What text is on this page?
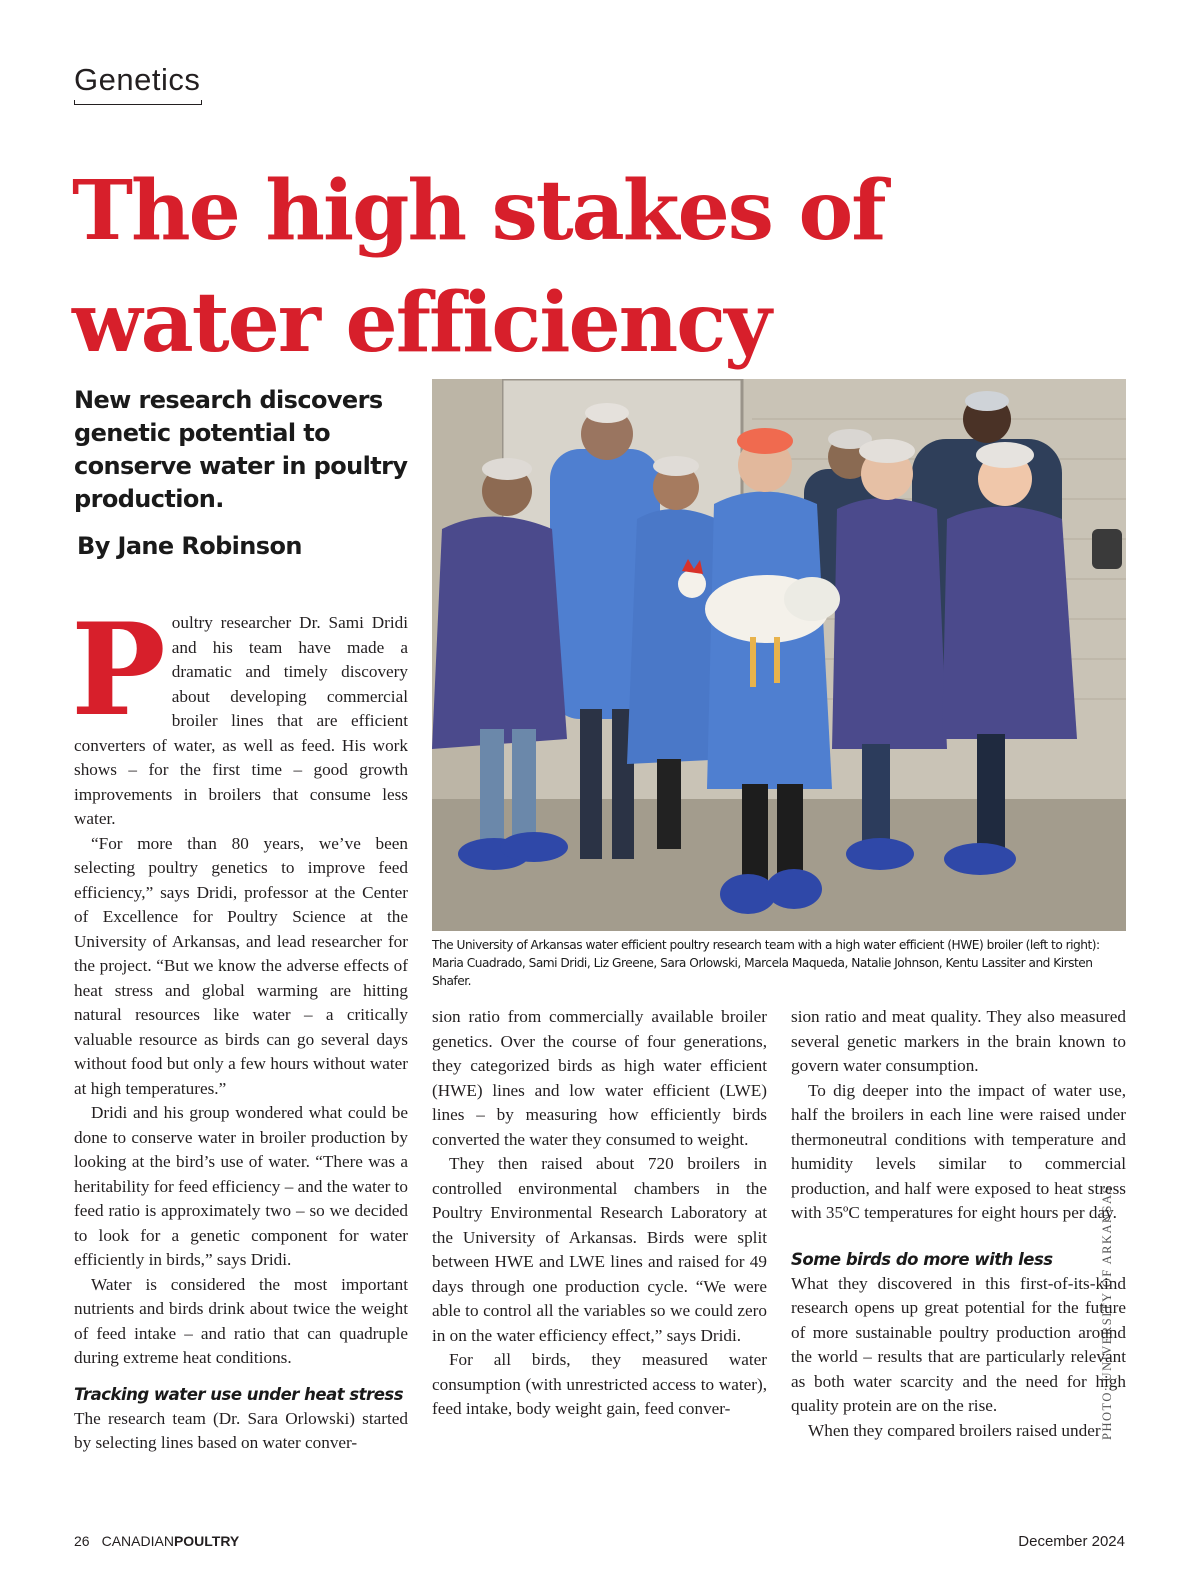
Genetics
The high stakes of
water efficiency
New research discovers genetic potential to conserve water in poultry production.
By Jane Robinson
The University of Arkansas water efficient poultry research team with a high water efficient (HWE) broiler (left to right): Maria Cuadrado, Sami Dridi, Liz Greene, Sara Orlowski, Marcela Maqueda, Natalie Johnson, Kentu Lassiter and Kirsten Shafer.
PHOTO: UNIVERSITY OF ARKANSAS

Poultry researcher Dr. Sami Dridi and his team have made a dramatic and timely discovery about developing commercial broiler lines that are efficient converters of water, as well as feed. His work shows – for the first time – good growth improvements in broilers that consume less water.

“For more than 80 years, we’ve been selecting poultry genetics to improve feed efficiency,” says Dridi, professor at the Center of Excellence for Poultry Science at the University of Arkansas, and lead researcher for the project. “But we know the adverse effects of heat stress and global warming are hitting natural resources like water – a critically valuable resource as birds can go several days without food but only a few hours without water at high temperatures.”

Dridi and his group wondered what could be done to conserve water in broiler production by looking at the bird’s use of water. “There was a heritability for feed efficiency – and the water to feed ratio is approximately two – so we decided to look for a genetic component for water efficiently in birds,” says Dridi.

Water is considered the most important nutrients and birds drink about twice the weight of feed intake – and ratio that can quadruple during extreme heat conditions.

Tracking water use under heat stress

The research team (Dr. Sara Orlowski) started by selecting lines based on water conver-

sion ratio from commercially available broiler genetics. Over the course of four generations, they categorized birds as high water efficient (HWE) lines and low water efficient (LWE) lines – by measuring how efficiently birds converted the water they consumed to weight.

They then raised about 720 broilers in controlled environmental chambers in the Poultry Environmental Research Laboratory at the University of Arkansas. Birds were split between HWE and LWE lines and raised for 49 days through one production cycle. “We were able to control all the variables so we could zero in on the water efficiency effect,” says Dridi.

For all birds, they measured water consumption (with unrestricted access to water), feed intake, body weight gain, feed conver-

sion ratio and meat quality. They also measured several genetic markers in the brain known to govern water consumption.

To dig deeper into the impact of water use, half the broilers in each line were raised under thermoneutral conditions with temperature and humidity levels similar to commercial production, and half were exposed to heat stress with 35ºC temperatures for eight hours per day.

Some birds do more with less

What they discovered in this first-of-its-kind research opens up great potential for the future of more sustainable poultry production around the world – results that are particularly relevant as both water scarcity and the need for high quality protein are on the rise.

When they compared broilers raised under

26 CANADIANPOULTRY	December 2024
